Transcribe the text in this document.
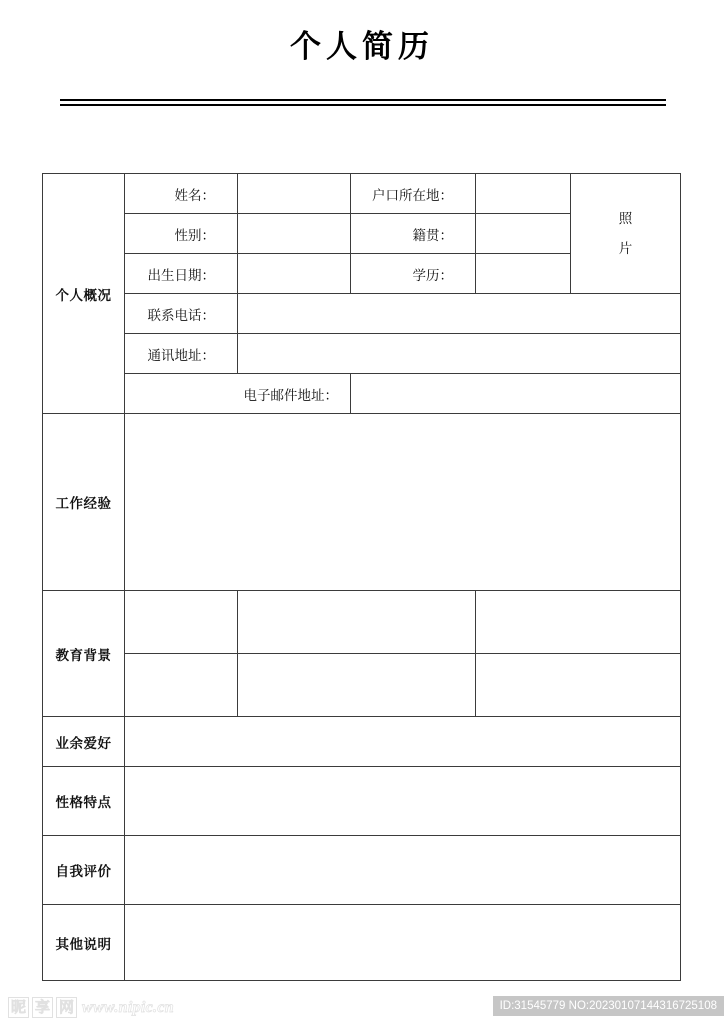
个人简历
个人概况	姓名：		户口所在地：		照
片

	性别：		籍贯：		
	出生日期：		学历：		
	联系电话：				
	通讯地址：				
	电子邮件地址：				
工作经验					
教育背景					

业余爱好					
性格特点					
自我评价					
其他说明					
昵 享 网 www.nipic.cn	ID:31545779 NO:20230107144316725108
